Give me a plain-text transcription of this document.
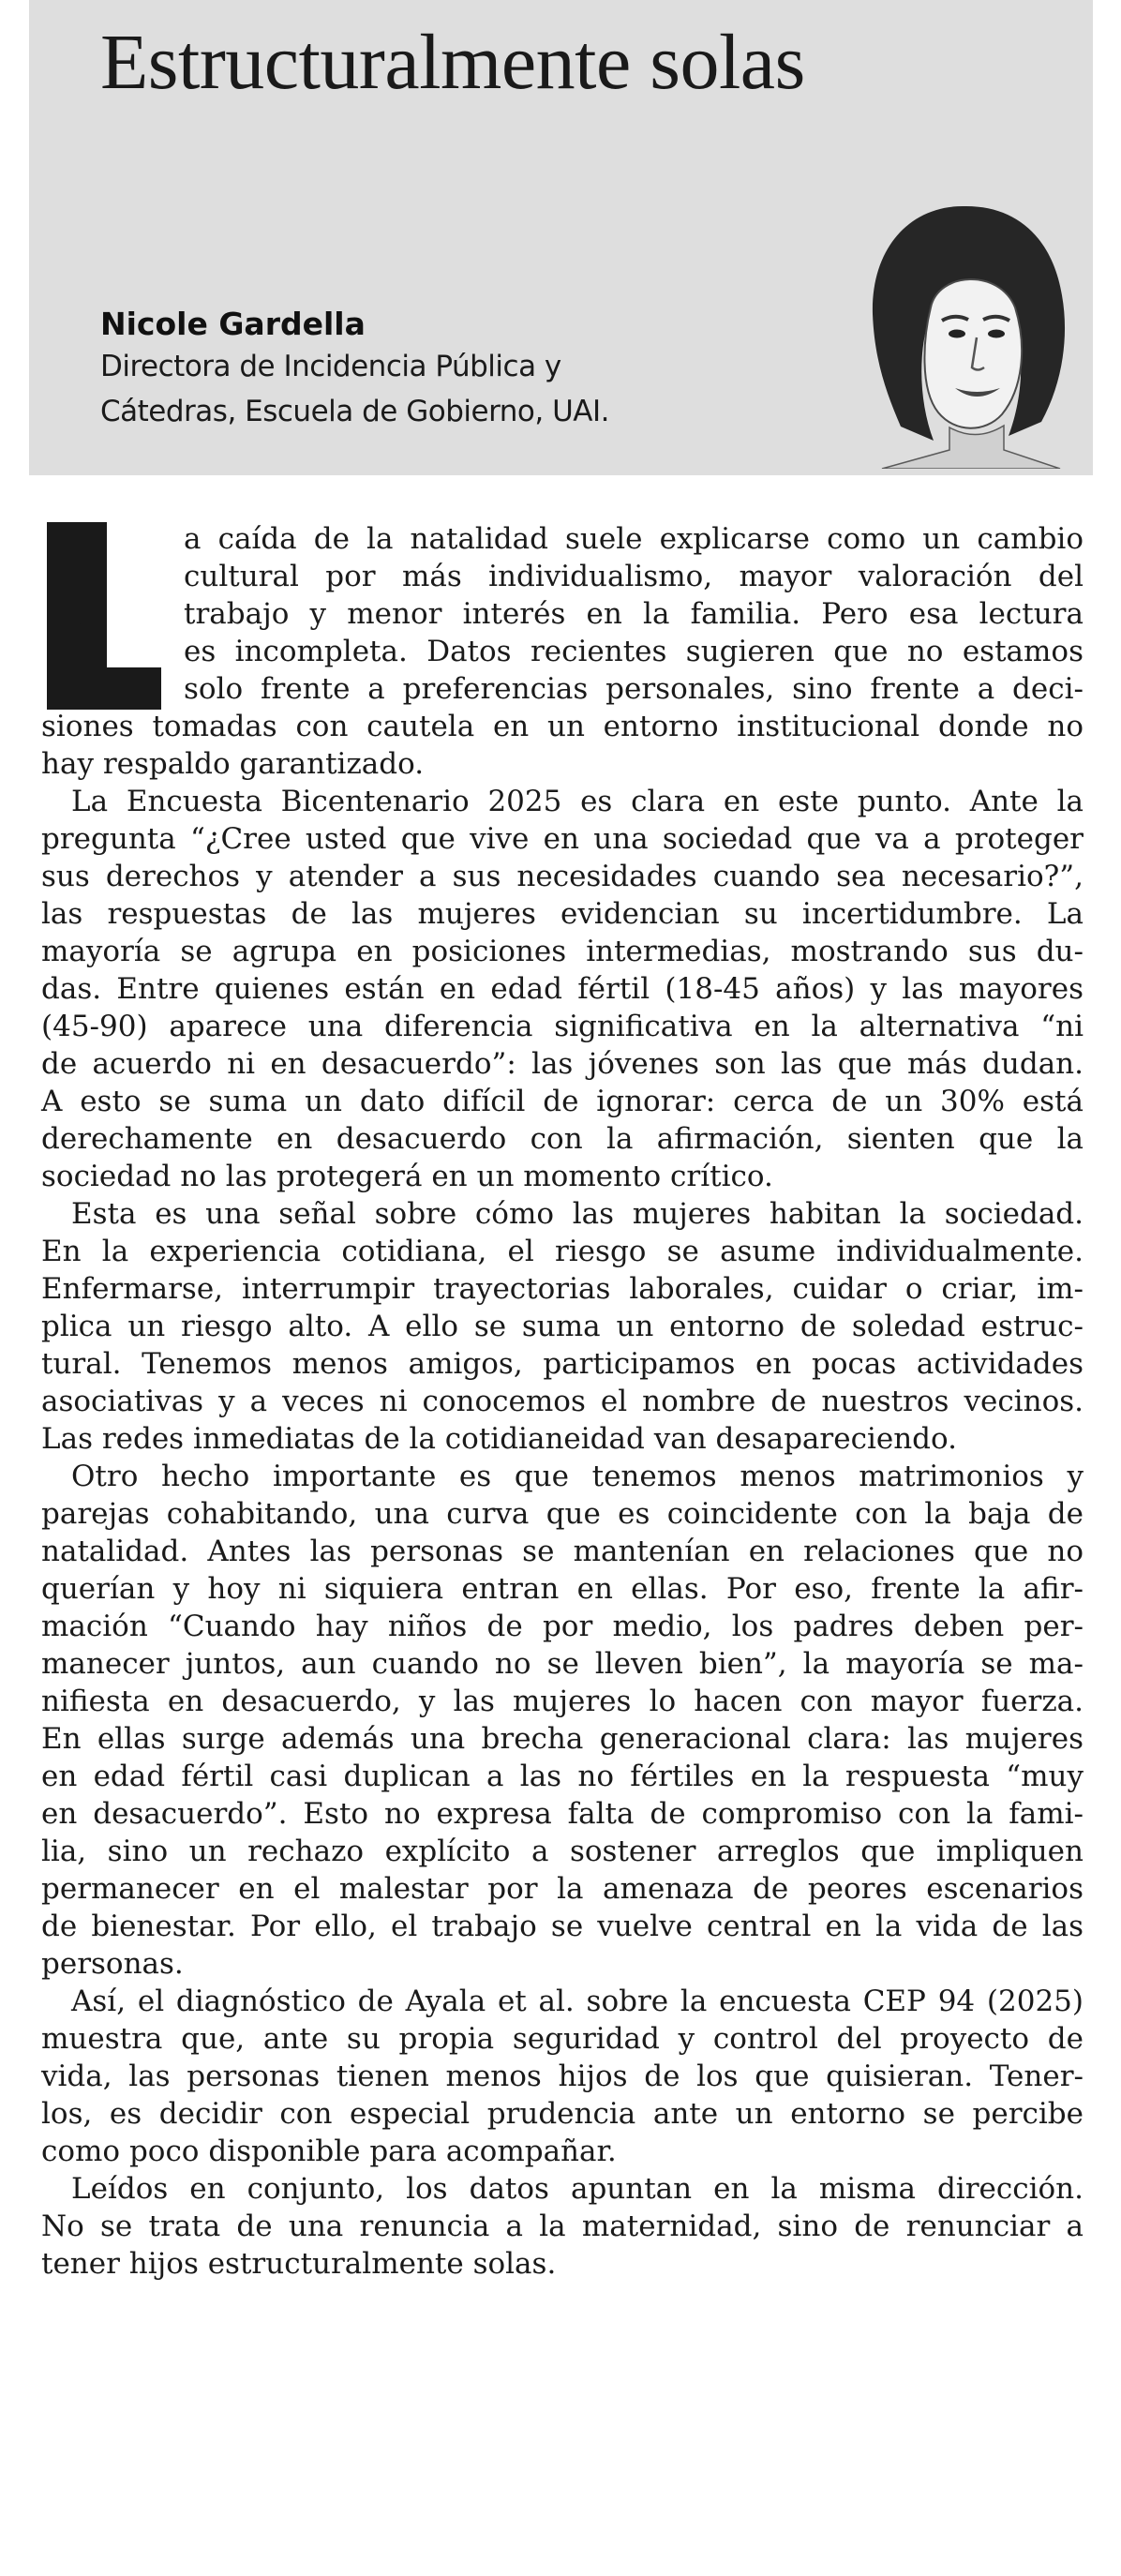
Estructuralmente solas

Nicole Gardella

Directora de Incidencia Pública y

Cátedras, Escuela de Gobierno, UAI.

L
a caída de la natalidad suele explicarse como un cambio
cultural por más individualismo, mayor valoración del
trabajo y menor interés en la familia. Pero esa lectura
es incompleta. Datos recientes sugieren que no estamos
solo frente a preferencias personales, sino frente a deci-
siones tomadas con cautela en un entorno institucional donde no
hay respaldo garantizado.
La Encuesta Bicentenario 2025 es clara en este punto. Ante la
pregunta “¿Cree usted que vive en una sociedad que va a proteger
sus derechos y atender a sus necesidades cuando sea necesario?”,
las respuestas de las mujeres evidencian su incertidumbre. La
mayoría se agrupa en posiciones intermedias, mostrando sus du-
das. Entre quienes están en edad fértil (18-45 años) y las mayores
(45-90) aparece una diferencia significativa en la alternativa “ni
de acuerdo ni en desacuerdo”: las jóvenes son las que más dudan.
A esto se suma un dato difícil de ignorar: cerca de un 30% está
derechamente en desacuerdo con la afirmación, sienten que la
sociedad no las protegerá en un momento crítico.
Esta es una señal sobre cómo las mujeres habitan la sociedad.
En la experiencia cotidiana, el riesgo se asume individualmente.
Enfermarse, interrumpir trayectorias laborales, cuidar o criar, im-
plica un riesgo alto. A ello se suma un entorno de soledad estruc-
tural. Tenemos menos amigos, participamos en pocas actividades
asociativas y a veces ni conocemos el nombre de nuestros vecinos.
Las redes inmediatas de la cotidianeidad van desapareciendo.
Otro hecho importante es que tenemos menos matrimonios y
parejas cohabitando, una curva que es coincidente con la baja de
natalidad. Antes las personas se mantenían en relaciones que no
querían y hoy ni siquiera entran en ellas. Por eso, frente la afir-
mación “Cuando hay niños de por medio, los padres deben per-
manecer juntos, aun cuando no se lleven bien”, la mayoría se ma-
nifiesta en desacuerdo, y las mujeres lo hacen con mayor fuerza.
En ellas surge además una brecha generacional clara: las mujeres
en edad fértil casi duplican a las no fértiles en la respuesta “muy
en desacuerdo”. Esto no expresa falta de compromiso con la fami-
lia, sino un rechazo explícito a sostener arreglos que impliquen
permanecer en el malestar por la amenaza de peores escenarios
de bienestar. Por ello, el trabajo se vuelve central en la vida de las
personas.
Así, el diagnóstico de Ayala et al. sobre la encuesta CEP 94 (2025)
muestra que, ante su propia seguridad y control del proyecto de
vida, las personas tienen menos hijos de los que quisieran. Tener-
los, es decidir con especial prudencia ante un entorno se percibe
como poco disponible para acompañar.
Leídos en conjunto, los datos apuntan en la misma dirección.
No se trata de una renuncia a la maternidad, sino de renunciar a
tener hijos estructuralmente solas.
